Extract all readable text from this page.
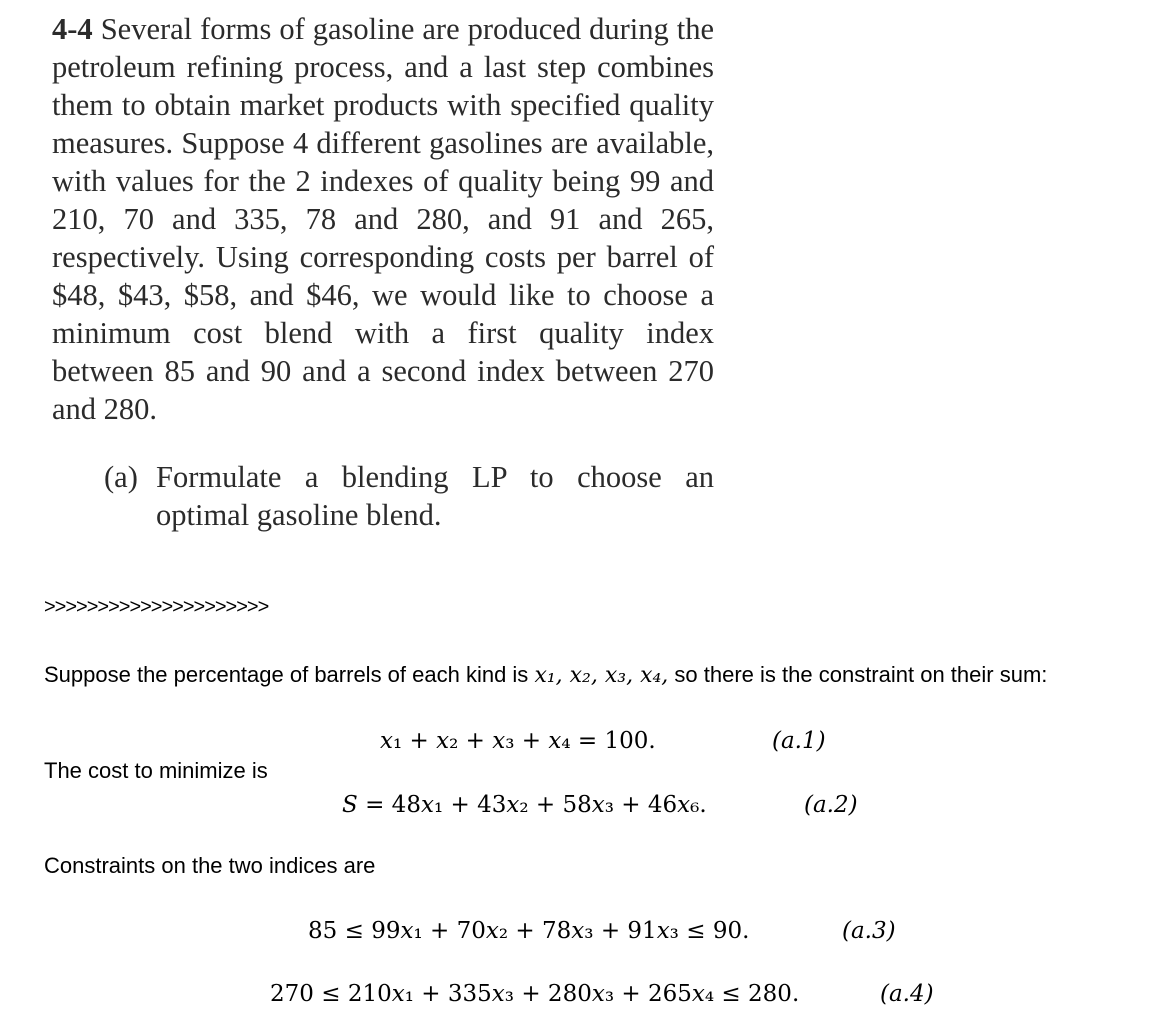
4-4 Several forms of gasoline are produced during the petroleum refining process, and a last step combines them to obtain market products with specified quality measures. Suppose 4 different gasolines are available, with values for the 2 indexes of quality being 99 and 210, 70 and 335, 78 and 280, and 91 and 265, respectively. Using corresponding costs per barrel of $48, $43, $58, and $46, we would like to choose a minimum cost blend with a first quality index between 85 and 90 and a second index between 270 and 280.

(a) Formulate a blending LP to choose an optimal gasoline blend.

>>>>>>>>>>>>>>>>>>>>>
Suppose the percentage of barrels of each kind is x₁, x₂, x₃, x₄, so there is the constraint on their sum:
x₁ + x₂ + x₃ + x₄ = 100.	(a.1)
The cost to minimize is
S = 48x₁ + 43x₂ + 58x₃ + 46x₆.	(a.2)
Constraints on the two indices are
85 ≤ 99x₁ + 70x₂ + 78x₃ + 91x₃ ≤ 90.	(a.3)
270 ≤ 210x₁ + 335x₃ + 280x₃ + 265x₄ ≤ 280.	(a.4)
